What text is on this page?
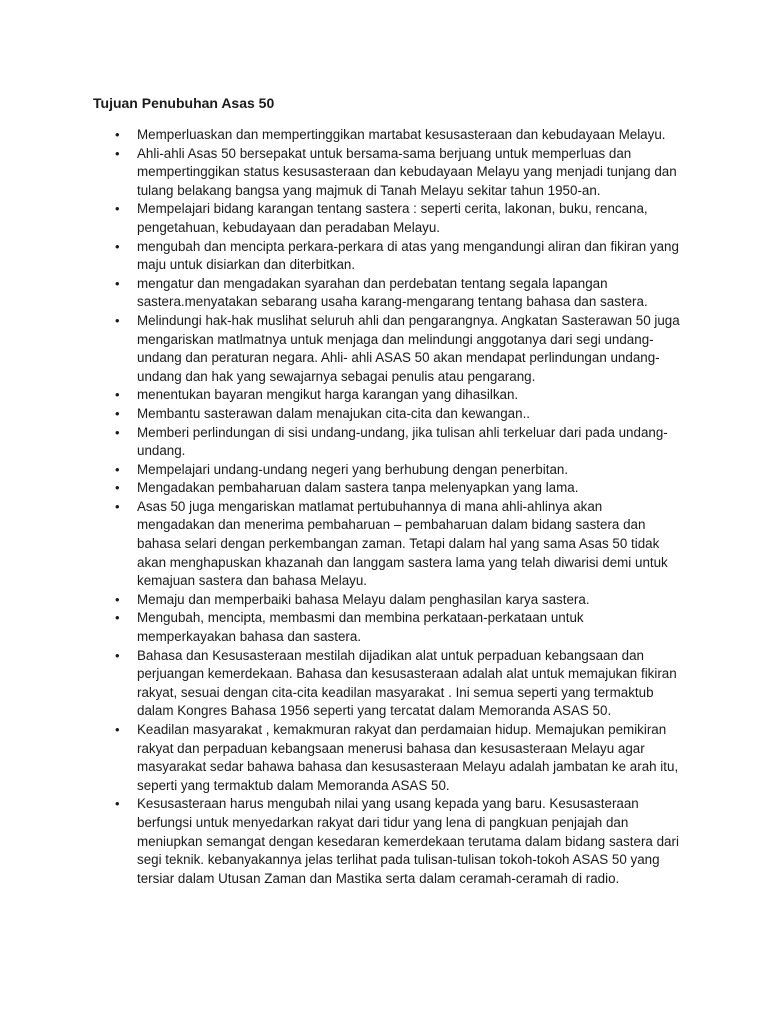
Tujuan Penubuhan Asas 50
• Memperluaskan dan mempertinggikan martabat kesusasteraan dan kebudayaan Melayu.
• Ahli-ahli Asas 50 bersepakat untuk bersama-sama berjuang untuk memperluas dan mempertinggikan status kesusasteraan dan kebudayaan Melayu yang menjadi tunjang dan tulang belakang bangsa yang majmuk di Tanah Melayu sekitar tahun 1950-an.
• Mempelajari bidang karangan tentang sastera : seperti cerita, lakonan, buku, rencana, pengetahuan, kebudayaan dan peradaban Melayu.
• mengubah dan mencipta perkara-perkara di atas yang mengandungi aliran dan fikiran yang maju untuk disiarkan dan diterbitkan.
• mengatur dan mengadakan syarahan dan perdebatan tentang segala lapangan sastera.menyatakan sebarang usaha karang-mengarang tentang bahasa dan sastera.
• Melindungi hak-hak muslihat seluruh ahli dan pengarangnya. Angkatan Sasterawan 50 juga mengariskan matlmatnya untuk menjaga dan melindungi anggotanya dari segi undang-undang dan peraturan negara. Ahli- ahli ASAS 50 akan mendapat perlindungan undang-undang dan hak yang sewajarnya sebagai penulis atau pengarang.
• menentukan bayaran mengikut harga karangan yang dihasilkan.
• Membantu sasterawan dalam menajukan cita-cita dan kewangan..
• Memberi perlindungan di sisi undang-undang, jika tulisan ahli terkeluar dari pada undang-undang.
• Mempelajari undang-undang negeri yang berhubung dengan penerbitan.
• Mengadakan pembaharuan dalam sastera tanpa melenyapkan yang lama.
• Asas 50 juga mengariskan matlamat pertubuhannya di mana ahli-ahlinya akan mengadakan dan menerima pembaharuan – pembaharuan dalam bidang sastera dan bahasa selari dengan perkembangan zaman. Tetapi dalam hal yang sama Asas 50 tidak akan menghapuskan khazanah dan langgam sastera lama yang telah diwarisi demi untuk kemajuan sastera dan bahasa Melayu.
• Memaju dan memperbaiki bahasa Melayu dalam penghasilan karya sastera.
• Mengubah, mencipta, membasmi dan membina perkataan-perkataan untuk memperkayakan bahasa dan sastera.
• Bahasa dan Kesusasteraan mestilah dijadikan alat untuk perpaduan kebangsaan dan perjuangan kemerdekaan. Bahasa dan kesusasteraan adalah alat untuk memajukan fikiran rakyat, sesuai dengan cita-cita keadilan masyarakat . Ini semua seperti yang termaktub dalam Kongres Bahasa 1956 seperti yang tercatat dalam Memoranda ASAS 50.
• Keadilan masyarakat , kemakmuran rakyat dan perdamaian hidup. Memajukan pemikiran rakyat dan perpaduan kebangsaan menerusi bahasa dan kesusasteraan Melayu agar masyarakat sedar bahawa bahasa dan kesusasteraan Melayu adalah jambatan ke arah itu, seperti yang termaktub dalam Memoranda ASAS 50.
• Kesusasteraan harus mengubah nilai yang usang kepada yang baru. Kesusasteraan berfungsi untuk menyedarkan rakyat dari tidur yang lena di pangkuan penjajah dan meniupkan semangat dengan kesedaran kemerdekaan terutama dalam bidang sastera dari segi teknik. kebanyakannya jelas terlihat pada tulisan-tulisan tokoh-tokoh ASAS 50 yang tersiar dalam Utusan Zaman dan Mastika serta dalam ceramah-ceramah di radio.
